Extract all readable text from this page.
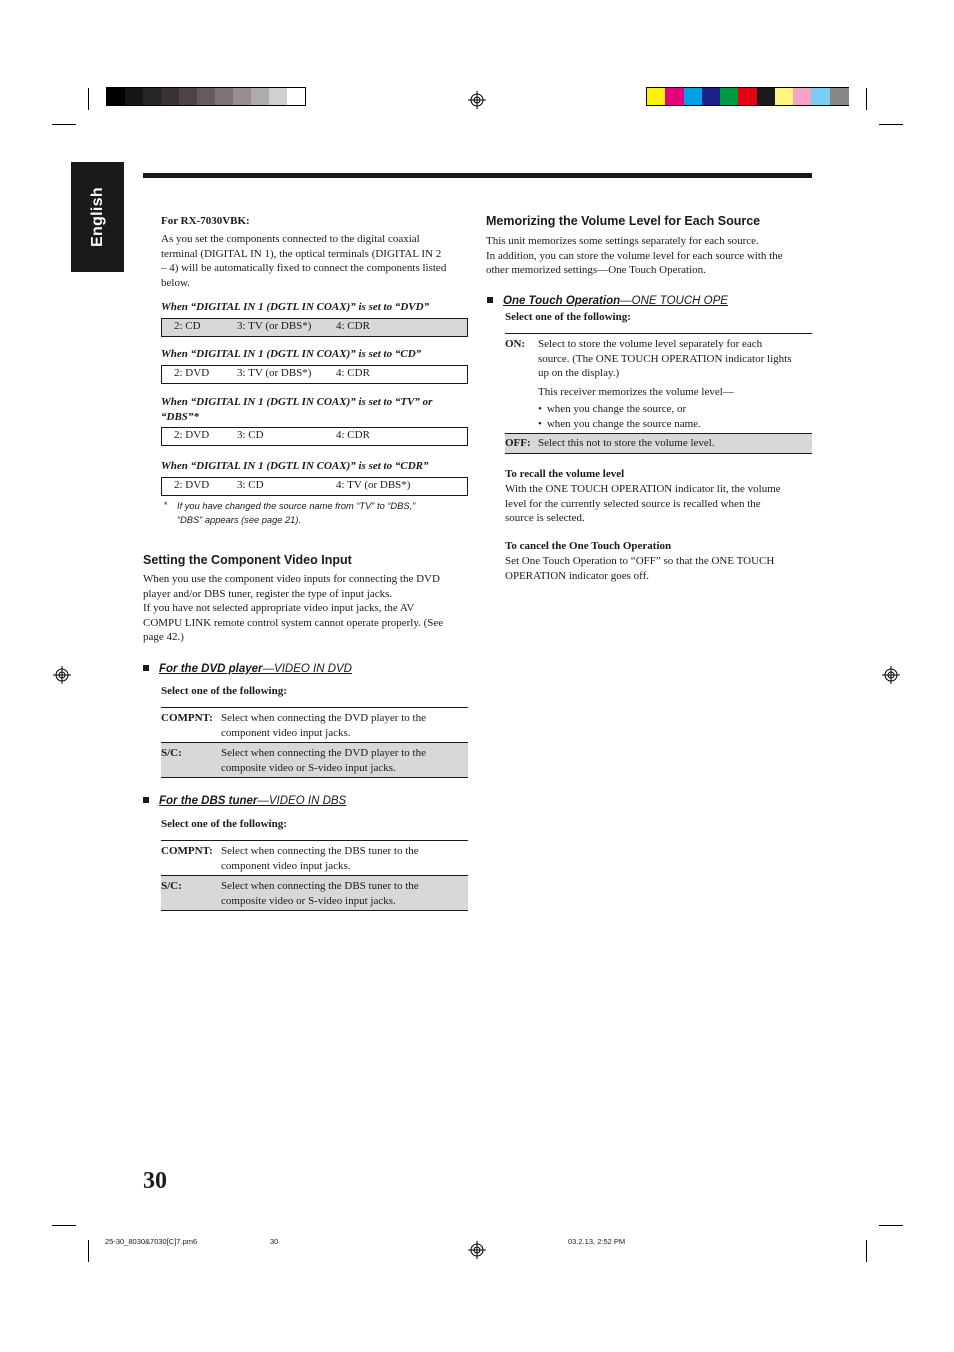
English	For RX-7030VBK:
As you set the components connected to the digital coaxial
terminal (DIGITAL IN 1), the optical terminals (DIGITAL IN 2
– 4) will be automatically fixed to connect the components listed
below.
When “DIGITAL IN 1 (DGTL IN COAX)” is set to “DVD”
2: CD	3: TV (or DBS*) 4: CDR
When “DIGITAL IN 1 (DGTL IN COAX)” is set to “CD”
2: DVD	3: TV (or DBS*) 4: CDR
When “DIGITAL IN 1 (DGTL IN COAX)” is set to “TV” or
“DBS”*
2: DVD	3: CD	4: CDR
When “DIGITAL IN 1 (DGTL IN COAX)” is set to “CDR”
2: DVD	3: CD	4: TV (or DBS*)
* If you have changed the source name from “TV” to “DBS,”
“DBS” appears (see page 21).
Setting the Component Video Input
When you use the component video inputs for connecting the DVD
player and/or DBS tuner, register the type of input jacks.
If you have not selected appropriate video input jacks, the AV
COMPU LINK remote control system cannot operate properly. (See
page 42.)
For the DVD player—VIDEO IN DVD
Select one of the following:
COMPNT: Select when connecting the DVD player to the
component video input jacks.
S/C:	Select when connecting the DVD player to the
composite video or S-video input jacks.
For the DBS tuner—VIDEO IN DBS
Select one of the following:
COMPNT: Select when connecting the DBS tuner to the
component video input jacks.
S/C:	Select when connecting the DBS tuner to the
composite video or S-video input jacks.
Memorizing the Volume Level for Each Source
This unit memorizes some settings separately for each source.
In addition, you can store the volume level for each source with the
other memorized settings—One Touch Operation.
One Touch Operation—ONE TOUCH OPE
Select one of the following:
ON: Select to store the volume level separately for each
source. (The ONE TOUCH OPERATION indicator lights
up on the display.)
This receiver memorizes the volume level—
• when you change the source, or
• when you change the source name.
OFF: Select this not to store the volume level.
To recall the volume level
With the ONE TOUCH OPERATION indicator lit, the volume
level for the currently selected source is recalled when the
source is selected.
To cancel the One Touch Operation
Set One Touch Operation to “OFF” so that the ONE TOUCH
OPERATION indicator goes off.
30
25-30_8030&7030[C]7.pm6	30	03.2.13, 2:52 PM
